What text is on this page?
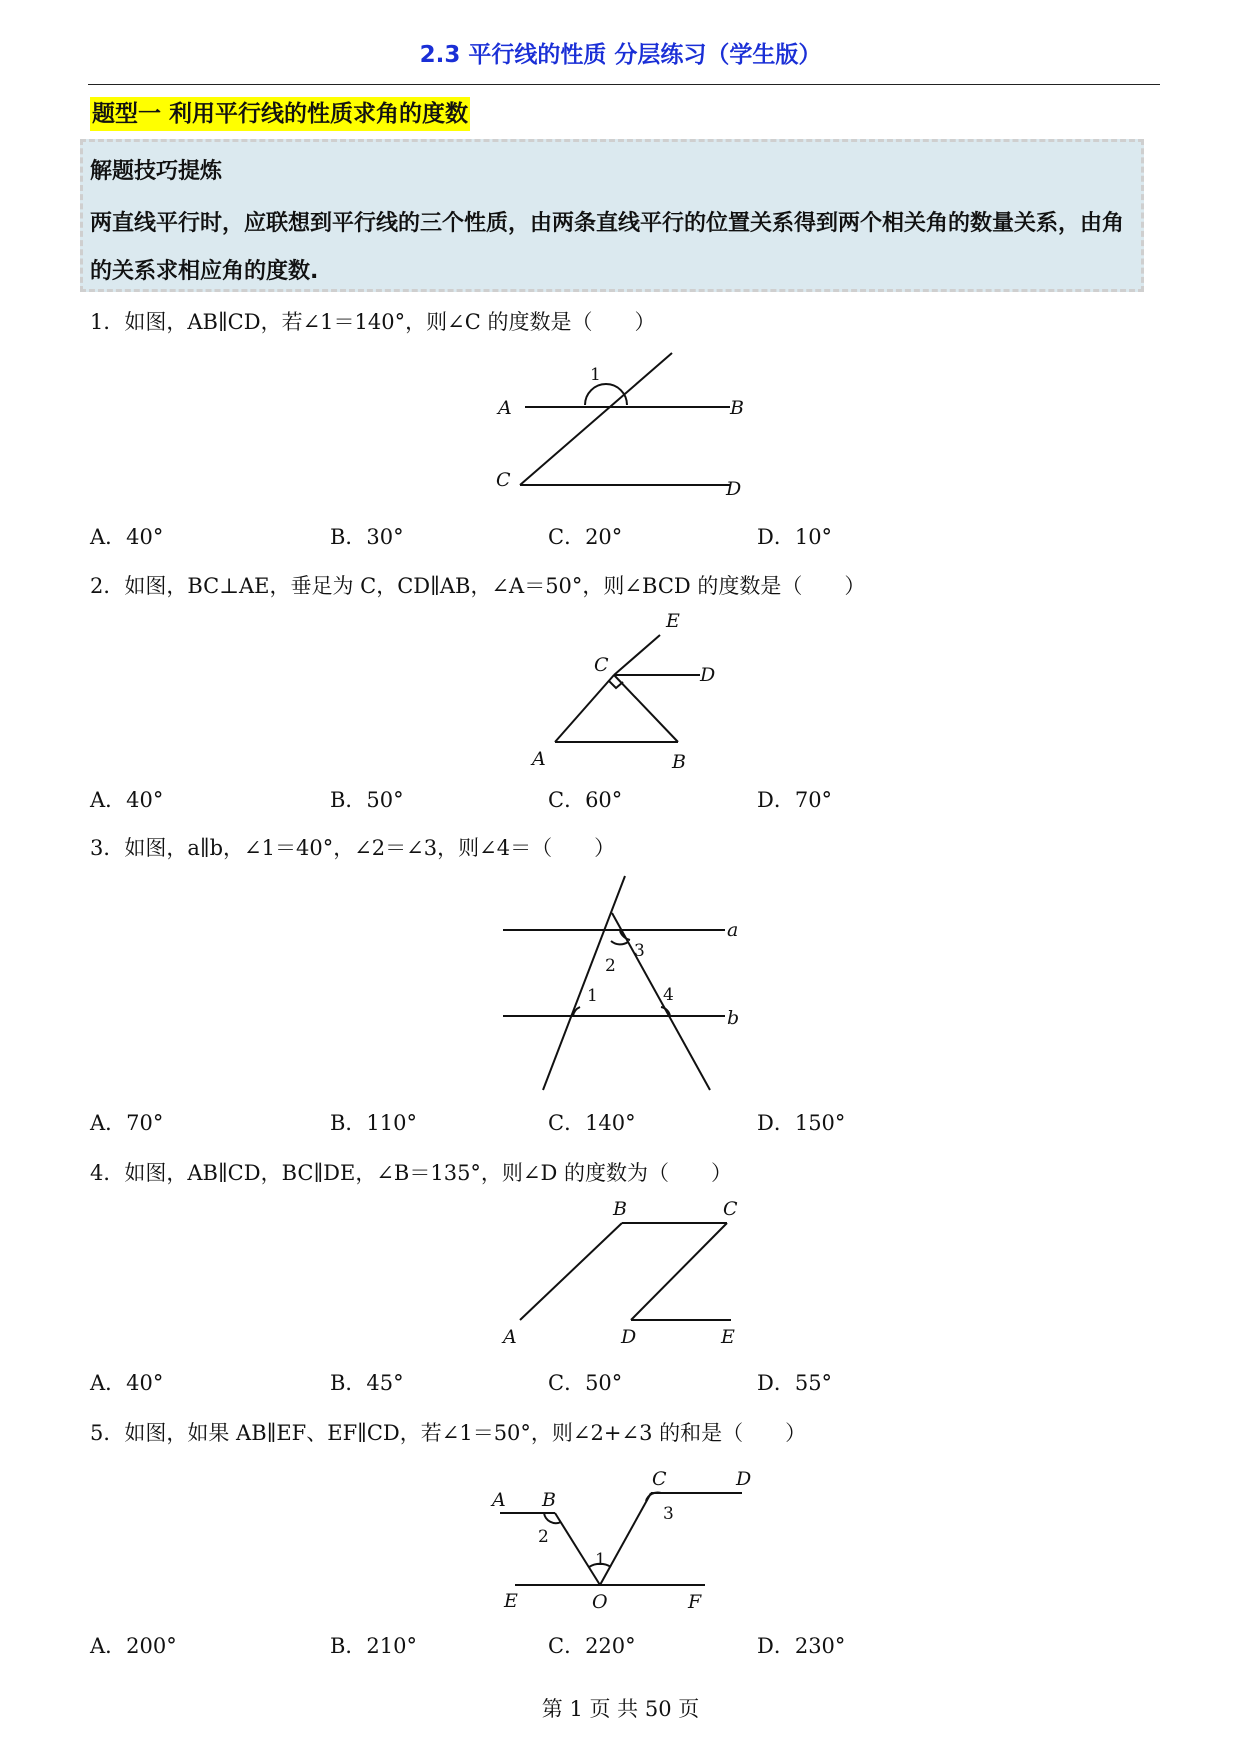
2.3 平行线的性质 分层练习（学生版）
题型一 利用平行线的性质求角的度数
解题技巧提炼
两直线平行时，应联想到平行线的三个性质，由两条直线平行的位置关系得到两个相关角的数量关系，由角的关系求相应角的度数.
1．如图，AB∥CD，若∠1＝140°，则∠C 的度数是（　　）
A	B
C	D
1
A．40°	B．30°	C．20°	D．10°
2．如图，BC⊥AE，垂足为 C，CD∥AB，∠A＝50°，则∠BCD 的度数是（　　）
E
C	D
A	B
A．40°	B．50°	C．60°	D．70°
3．如图，a∥b，∠1＝40°，∠2＝∠3，则∠4＝（　　）
a
b
1
2
3
4
A．70°	B．110°	C．140°	D．150°
4．如图，AB∥CD，BC∥DE，∠B＝135°，则∠D 的度数为（　　）
B	C
A	D	E
A．40°	B．45°	C．50°	D．55°
5．如图，如果 AB∥EF、EF∥CD，若∠1＝50°，则∠2+∠3 的和是（　　）
A B
C	D
E	O	F
1
2
3
A．200°	B．210°	C．220°	D．230°
第 1 页 共 50 页
